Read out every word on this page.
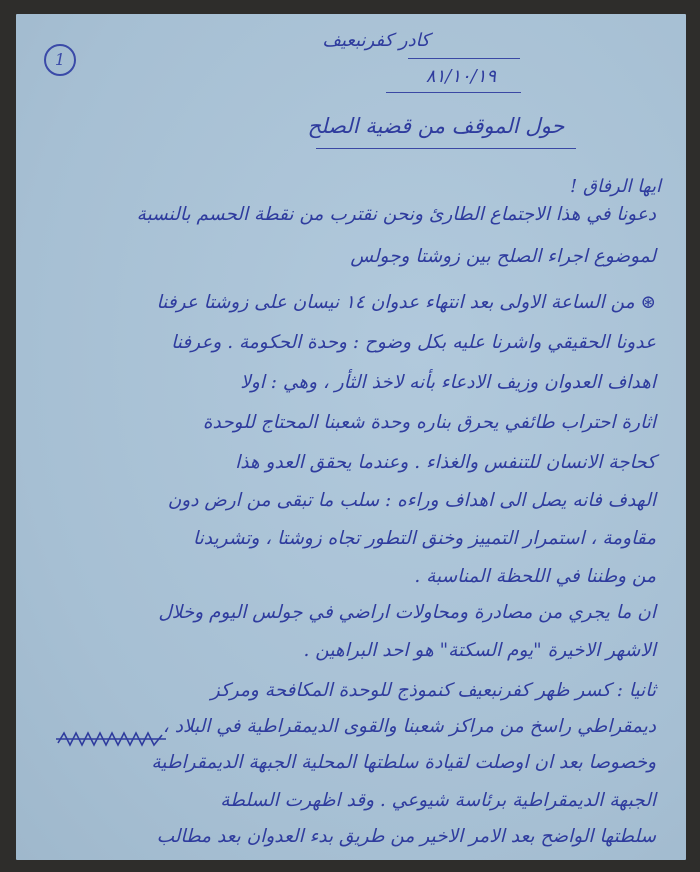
1
كادر كفرنبعيف
٨١/١٠/١٩
حول الموقف من قضية الصلح
ايها الرفاق !
دعونا في هذا الاجتماع الطارئ ونحن نقترب من نقطة الحسم بالنسبة
لموضوع اجراء الصلح بين زوشتا وجولس
⊛ من الساعة الاولى بعد انتهاء عدوان ١٤ نيسان على زوشتا عرفنا
عدونا الحقيقي واشرنا عليه بكل وضوح : وحدة الحكومة . وعرفنا
اهداف العدوان وزيف الادعاء بأنه لاخذ الثأر ، وهي : اولا
اثارة احتراب طائفي يحرق بناره وحدة شعبنا المحتاج للوحدة
كحاجة الانسان للتنفس والغذاء . وعندما يحقق العدو هذا
الهدف فانه يصل الى اهداف وراءه : سلب ما تبقى من ارض دون
مقاومة ، استمرار التمييز وخنق التطور تجاه زوشتا ، وتشريدنا
من وطننا في اللحظة المناسبة .
ان ما يجري من مصادرة ومحاولات اراضي في جولس اليوم وخلال
الاشهر الاخيرة "يوم السكتة" هو احد البراهين .
ثانيا : كسر ظهر كفرنبعيف كنموذج للوحدة المكافحة ومركز
ديمقراطي راسخ من مراكز شعبنا والقوى الديمقراطية في البلاد ،
وخصوصا بعد ان اوصلت لقيادة سلطتها المحلية الجبهة الديمقراطية
الجبهة الديمقراطية برئاسة شيوعي . وقد اظهرت السلطة
سلطتها الواضح بعد الامر الاخير من طريق بدء العدوان بعد مطالب
